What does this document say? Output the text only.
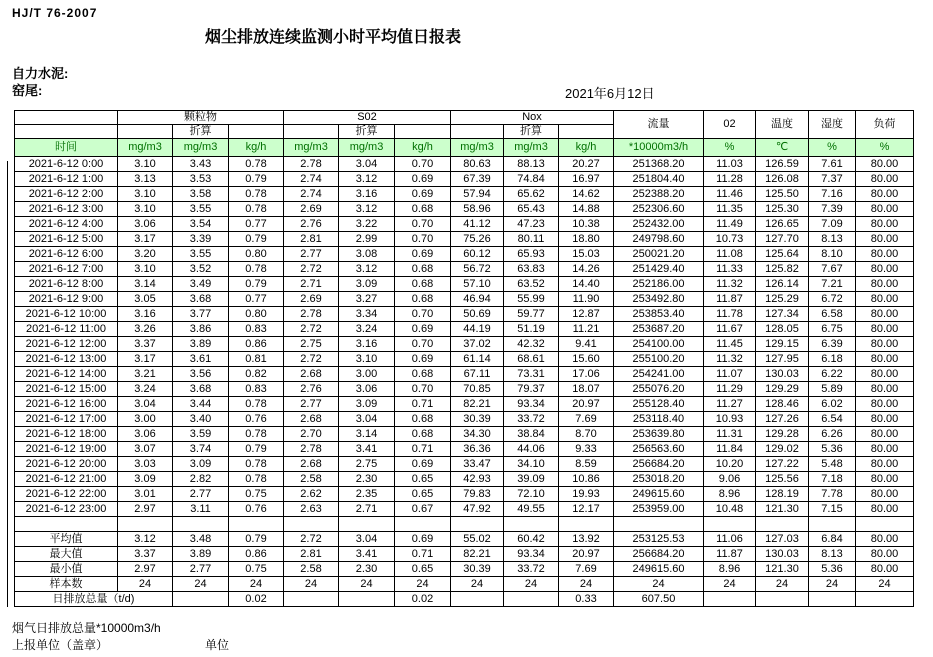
HJ/T 76-2007
烟尘排放连续监测小时平均值日报表
自力水泥:
窑尾:	2021年6月12日
	颗粒物			S02			Nox			流量	02	温度	湿度	负荷
		折算			折算			折算						
时间	mg/m3	mg/m3	kg/h	mg/m3	mg/m3	kg/h	mg/m3	mg/m3	kg/h	*10000m3/h	%	℃	%	%
2021-6-12 0:00	3.10	3.43	0.78	2.78	3.04	0.70	80.63	88.13	20.27	251368.20	11.03	126.59	7.61	80.00
2021-6-12 1:00	3.13	3.53	0.79	2.74	3.12	0.69	67.39	74.84	16.97	251804.40	11.28	126.08	7.37	80.00
2021-6-12 2:00	3.10	3.58	0.78	2.74	3.16	0.69	57.94	65.62	14.62	252388.20	11.46	125.50	7.16	80.00
2021-6-12 3:00	3.10	3.55	0.78	2.69	3.12	0.68	58.96	65.43	14.88	252306.60	11.35	125.30	7.39	80.00
2021-6-12 4:00	3.06	3.54	0.77	2.76	3.22	0.70	41.12	47.23	10.38	252432.00	11.49	126.65	7.09	80.00
2021-6-12 5:00	3.17	3.39	0.79	2.81	2.99	0.70	75.26	80.11	18.80	249798.60	10.73	127.70	8.13	80.00
2021-6-12 6:00	3.20	3.55	0.80	2.77	3.08	0.69	60.12	65.93	15.03	250021.20	11.08	125.64	8.10	80.00
2021-6-12 7:00	3.10	3.52	0.78	2.72	3.12	0.68	56.72	63.83	14.26	251429.40	11.33	125.82	7.67	80.00
2021-6-12 8:00	3.14	3.49	0.79	2.71	3.09	0.68	57.10	63.52	14.40	252186.00	11.32	126.14	7.21	80.00
2021-6-12 9:00	3.05	3.68	0.77	2.69	3.27	0.68	46.94	55.99	11.90	253492.80	11.87	125.29	6.72	80.00
2021-6-12 10:00	3.16	3.77	0.80	2.78	3.34	0.70	50.69	59.77	12.87	253853.40	11.78	127.34	6.58	80.00
2021-6-12 11:00	3.26	3.86	0.83	2.72	3.24	0.69	44.19	51.19	11.21	253687.20	11.67	128.05	6.75	80.00
2021-6-12 12:00	3.37	3.89	0.86	2.75	3.16	0.70	37.02	42.32	9.41	254100.00	11.45	129.15	6.39	80.00
2021-6-12 13:00	3.17	3.61	0.81	2.72	3.10	0.69	61.14	68.61	15.60	255100.20	11.32	127.95	6.18	80.00
2021-6-12 14:00	3.21	3.56	0.82	2.68	3.00	0.68	67.11	73.31	17.06	254241.00	11.07	130.03	6.22	80.00
2021-6-12 15:00	3.24	3.68	0.83	2.76	3.06	0.70	70.85	79.37	18.07	255076.20	11.29	129.29	5.89	80.00
2021-6-12 16:00	3.04	3.44	0.78	2.77	3.09	0.71	82.21	93.34	20.97	255128.40	11.27	128.46	6.02	80.00
2021-6-12 17:00	3.00	3.40	0.76	2.68	3.04	0.68	30.39	33.72	7.69	253118.40	10.93	127.26	6.54	80.00
2021-6-12 18:00	3.06	3.59	0.78	2.70	3.14	0.68	34.30	38.84	8.70	253639.80	11.31	129.28	6.26	80.00
2021-6-12 19:00	3.07	3.74	0.79	2.78	3.41	0.71	36.36	44.06	9.33	256563.60	11.84	129.02	5.36	80.00
2021-6-12 20:00	3.03	3.09	0.78	2.68	2.75	0.69	33.47	34.10	8.59	256684.20	10.20	127.22	5.48	80.00
2021-6-12 21:00	3.09	2.82	0.78	2.58	2.30	0.65	42.93	39.09	10.86	253018.20	9.06	125.56	7.18	80.00
2021-6-12 22:00	3.01	2.77	0.75	2.62	2.35	0.65	79.83	72.10	19.93	249615.60	8.96	128.19	7.78	80.00
2021-6-12 23:00	2.97	3.11	0.76	2.63	2.71	0.67	47.92	49.55	12.17	253959.00	10.48	121.30	7.15	80.00

平均值	3.12	3.48	0.79	2.72	3.04	0.69	55.02	60.42	13.92	253125.53	11.06	127.03	6.84	80.00
最大值	3.37	3.89	0.86	2.81	3.41	0.71	82.21	93.34	20.97	256684.20	11.87	130.03	8.13	80.00
最小值	2.97	2.77	0.75	2.58	2.30	0.65	30.39	33.72	7.69	249615.60	8.96	121.30	5.36	80.00
样本数	24	24	24	24	24	24	24	24	24	24	24	24	24	24
日排放总量（t/d)			0.02			0.02			0.33	607.50				
烟气日排放总量*10000m3/h
上报单位（盖章）	单位
